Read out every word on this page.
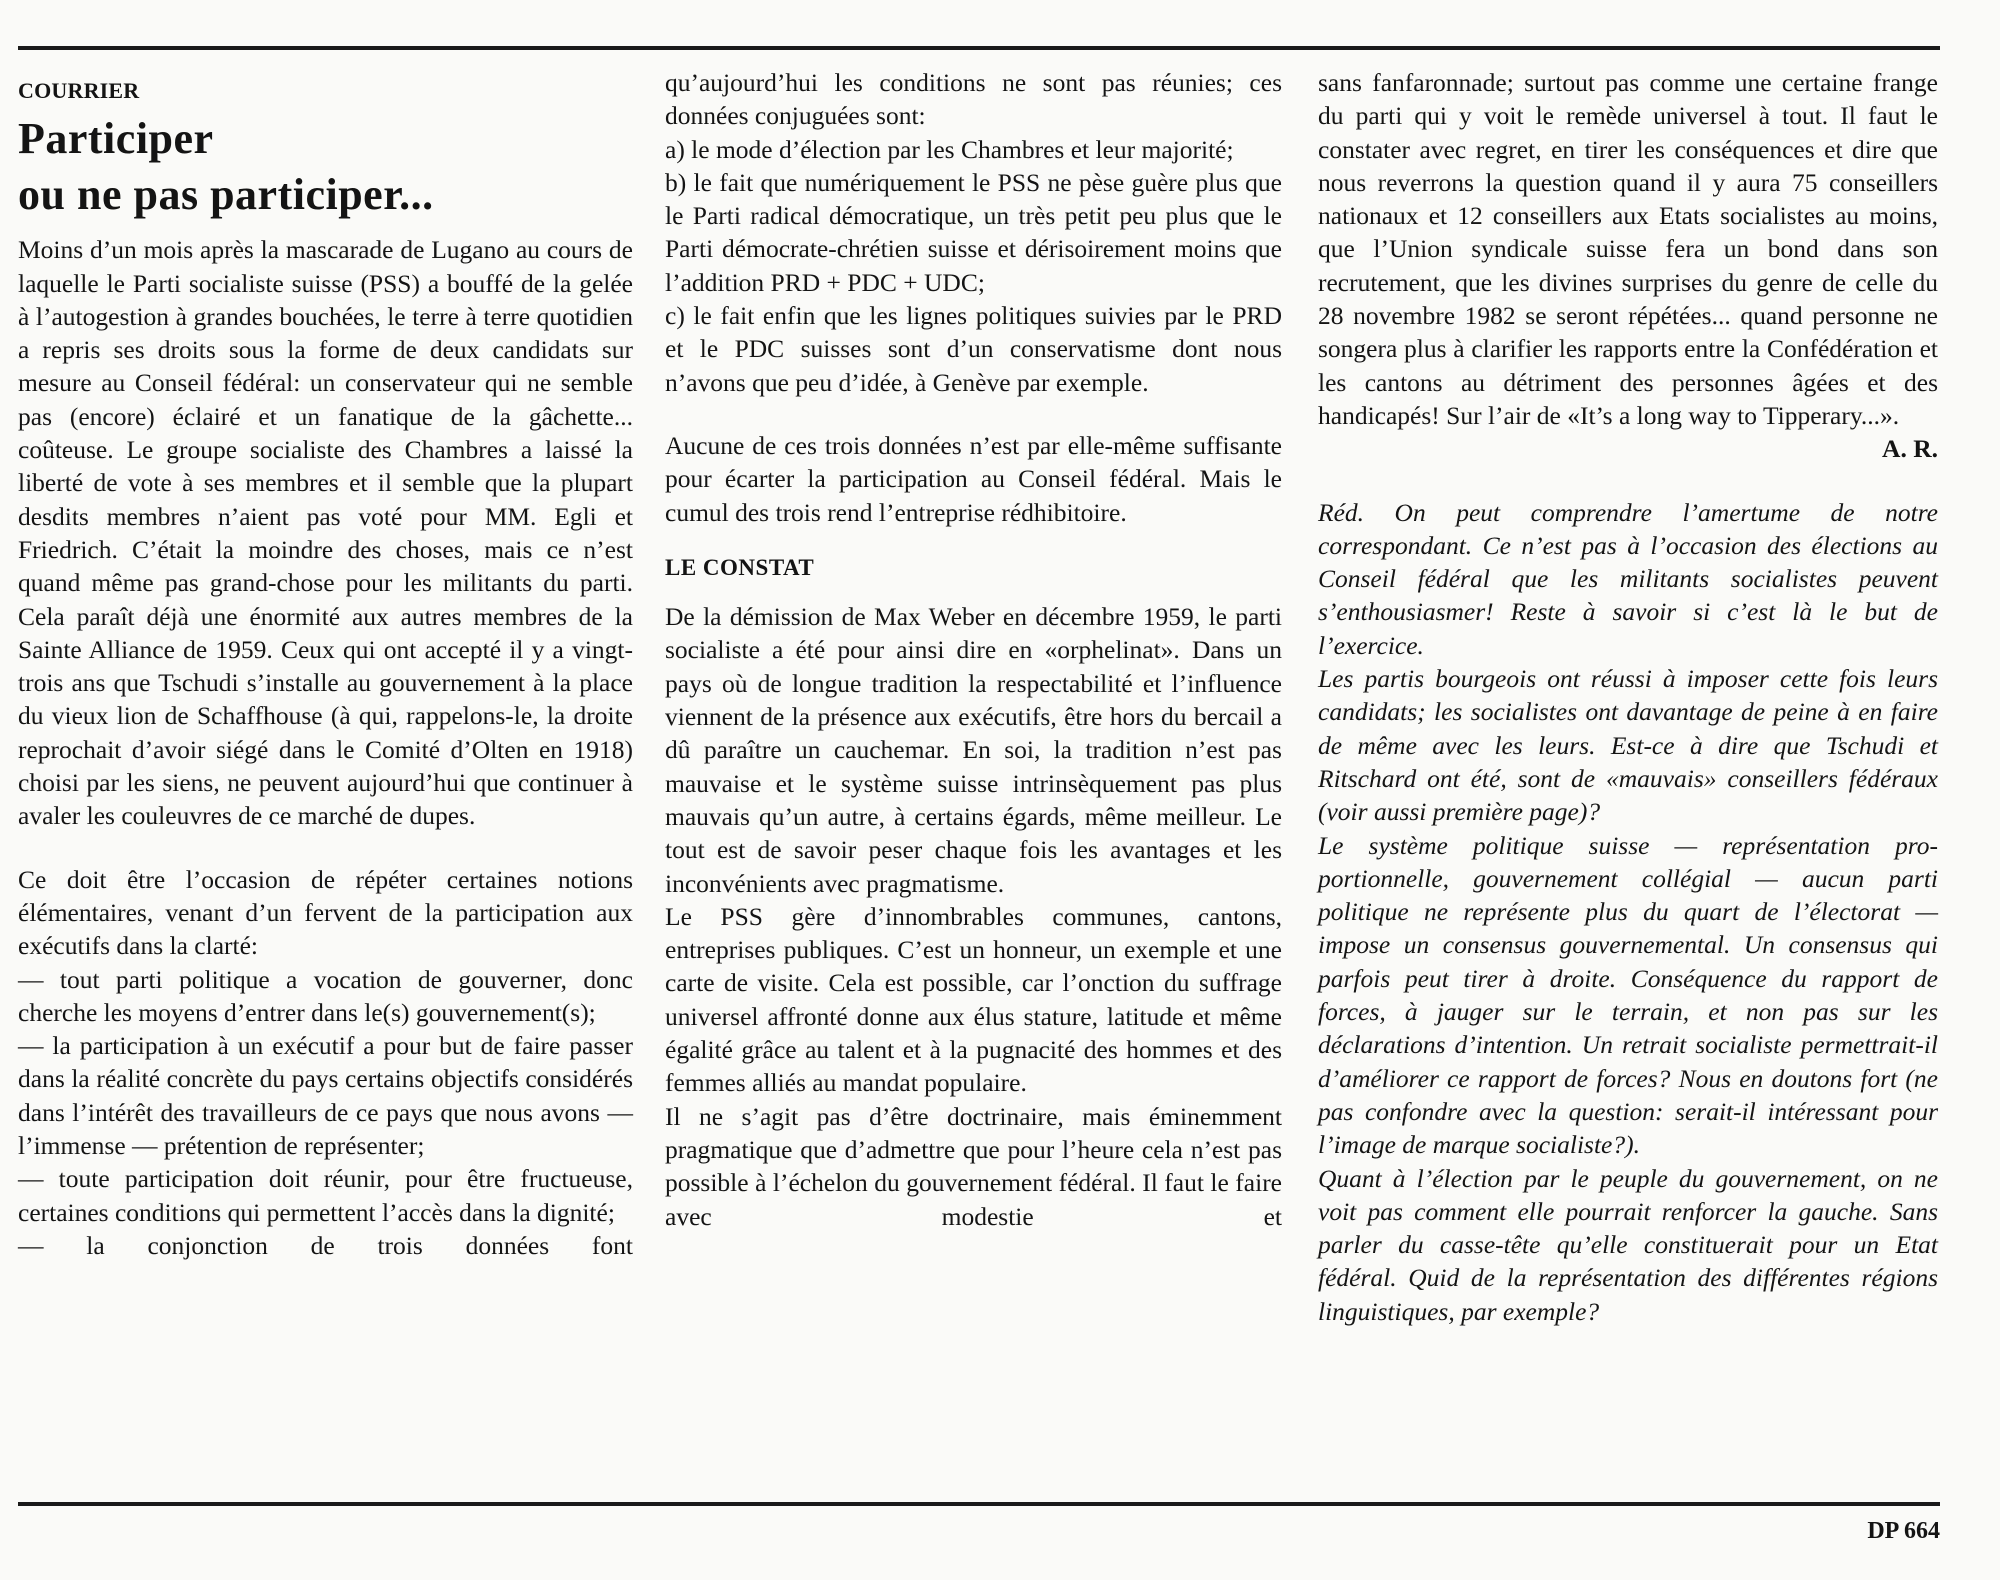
COURRIER
Participer
ou ne pas participer...

Moins d’un mois après la mascarade de Lugano au cours de laquelle le Parti socialiste suisse (PSS) a bouffé de la gelée à l’autogestion à grandes bouchées, le terre à terre quotidien a repris ses droits sous la forme de deux candidats sur mesure au Conseil fédéral: un conservateur qui ne semble pas (encore) éclairé et un fanatique de la gâchette... coûteuse. Le groupe socialiste des Chambres a laissé la liberté de vote à ses membres et il semble que la plupart desdits membres n’aient pas voté pour MM. Egli et Friedrich. C’était la moindre des choses, mais ce n’est quand même pas grand-chose pour les militants du parti. Cela paraît déjà une énormité aux autres membres de la Sainte Alliance de 1959. Ceux qui ont accepté il y a vingt-trois ans que Tschudi s’installe au gouvernement à la place du vieux lion de Schaffhouse (à qui, rappelons-le, la droite reprochait d’avoir siégé dans le Comité d’Olten en 1918) choisi par les siens, ne peuvent aujourd’hui que continuer à avaler les couleuvres de ce marché de dupes.

Ce doit être l’occasion de répéter certaines notions élémentaires, venant d’un fervent de la participation aux exécutifs dans la clarté:

— tout parti politique a vocation de gouverner, donc cherche les moyens d’entrer dans le(s) gouvernement(s);

— la participation à un exécutif a pour but de faire passer dans la réalité concrète du pays certains objectifs considérés dans l’intérêt des travailleurs de ce pays que nous avons — l’immense — prétention de représenter;

— toute participation doit réunir, pour être fructueuse, certaines conditions qui permettent l’accès dans la dignité;

— la conjonction de trois données font

qu’aujourd’hui les conditions ne sont pas réunies; ces données conjuguées sont:

a) le mode d’élection par les Chambres et leur majorité;

b) le fait que numériquement le PSS ne pèse guère plus que le Parti radical démocratique, un très petit peu plus que le Parti démocrate-chrétien suisse et dérisoirement moins que l’addition PRD + PDC + UDC;

c) le fait enfin que les lignes politiques suivies par le PRD et le PDC suisses sont d’un conservatisme dont nous n’avons que peu d’idée, à Genève par exemple.

Aucune de ces trois données n’est par elle-même suffisante pour écarter la participation au Conseil fédéral. Mais le cumul des trois rend l’entreprise rédhibitoire.

LE CONSTAT

De la démission de Max Weber en décembre 1959, le parti socialiste a été pour ainsi dire en «orphelinat». Dans un pays où de longue tradition la respectabilité et l’influence viennent de la présence aux exécutifs, être hors du bercail a dû paraître un cauchemar. En soi, la tradition n’est pas mauvaise et le système suisse intrinsèquement pas plus mauvais qu’un autre, à certains égards, même meilleur. Le tout est de savoir peser chaque fois les avantages et les inconvénients avec pragmatisme.

Le PSS gère d’innombrables communes, cantons, entreprises publiques. C’est un honneur, un exemple et une carte de visite. Cela est possible, car l’onction du suffrage universel affronté donne aux élus stature, latitude et même égalité grâce au talent et à la pugnacité des hommes et des femmes alliés au mandat populaire.

Il ne s’agit pas d’être doctrinaire, mais éminemment pragmatique que d’admettre que pour l’heure cela n’est pas possible à l’échelon du gouvernement fédéral. Il faut le faire avec modestie et

sans fanfaronnade; surtout pas comme une certaine frange du parti qui y voit le remède universel à tout. Il faut le constater avec regret, en tirer les conséquences et dire que nous reverrons la question quand il y aura 75 conseillers nationaux et 12 conseillers aux Etats socialistes au moins, que l’Union syndicale suisse fera un bond dans son recrutement, que les divines surprises du genre de celle du 28 novembre 1982 se seront répétées... quand personne ne songera plus à clarifier les rapports entre la Confédération et les cantons au détriment des personnes âgées et des handicapés! Sur l’air de «It’s a long way to Tipperary...».

A. R.

Réd. On peut comprendre l’amertume de notre correspondant. Ce n’est pas à l’occasion des élections au Conseil fédéral que les militants socialistes peuvent s’enthousiasmer! Reste à savoir si c’est là le but de l’exercice.

Les partis bourgeois ont réussi à imposer cette fois leurs candidats; les socialistes ont davantage de peine à en faire de même avec les leurs. Est-ce à dire que Tschudi et Ritschard ont été, sont de «mauvais» conseillers fédéraux (voir aussi première page)?

Le système politique suisse — représentation proportionnelle, gouvernement collégial — aucun parti politique ne représente plus du quart de l’électorat — impose un consensus gouvernemental. Un consensus qui parfois peut tirer à droite. Conséquence du rapport de forces, à jauger sur le terrain, et non pas sur les déclarations d’intention. Un retrait socialiste permettrait-il d’améliorer ce rapport de forces? Nous en doutons fort (ne pas confondre avec la question: serait-il intéressant pour l’image de marque socialiste?).

Quant à l’élection par le peuple du gouvernement, on ne voit pas comment elle pourrait renforcer la gauche. Sans parler du casse-tête qu’elle constituerait pour un Etat fédéral. Quid de la représentation des différentes régions linguistiques, par exemple?

DP 664
